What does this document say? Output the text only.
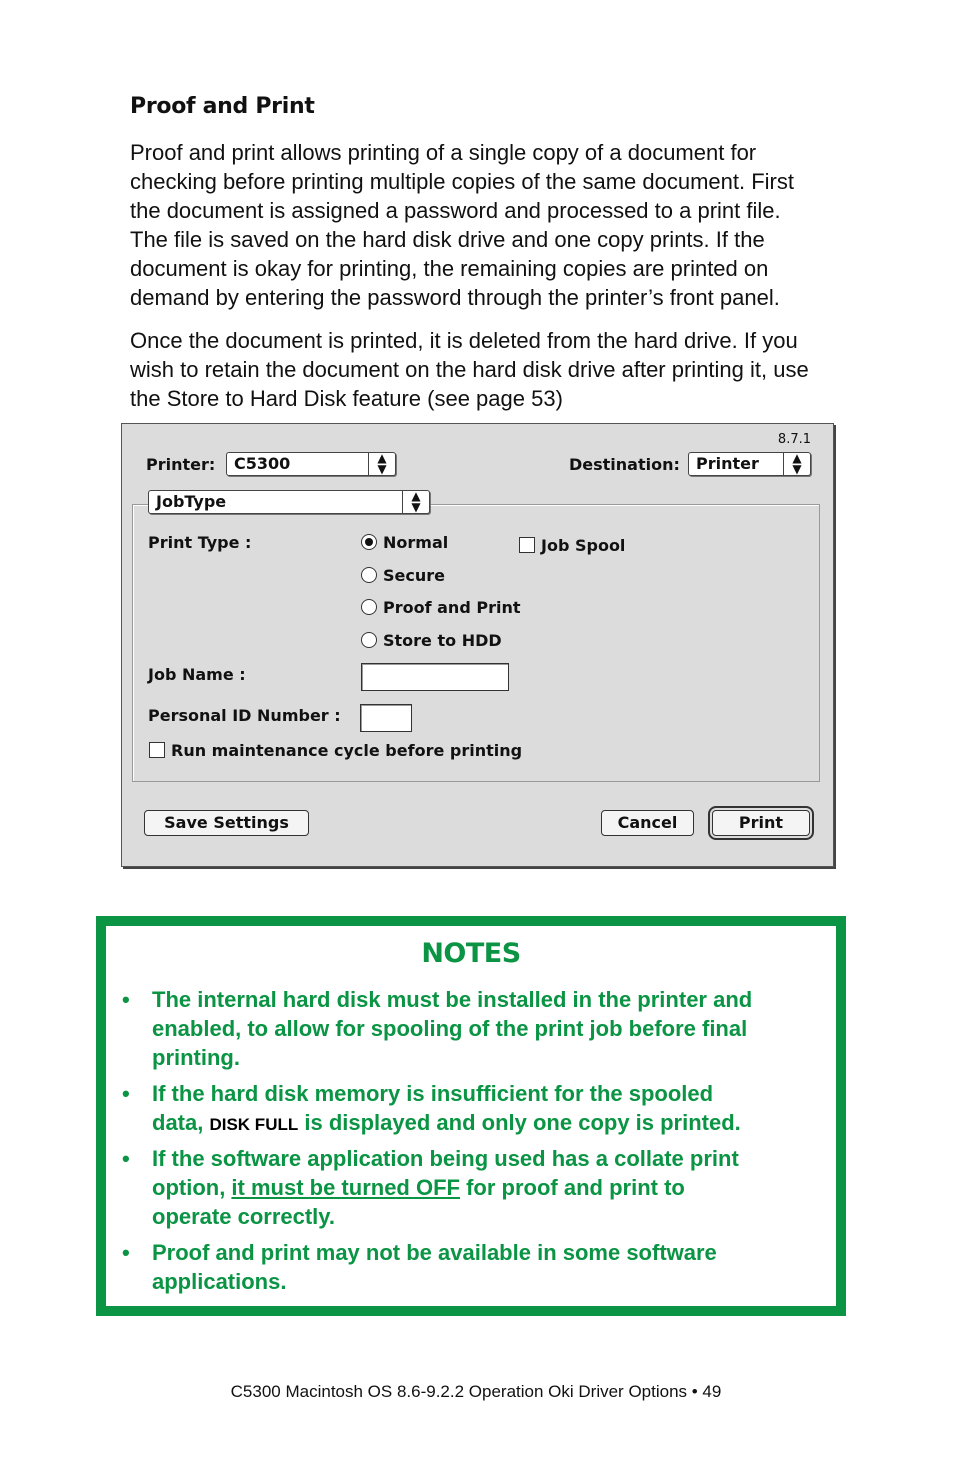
Proof and Print
Proof and print allows printing of a single copy of a document for
checking before printing multiple copies of the same document. First
the document is assigned a password and processed to a print file.
The file is saved on the hard disk drive and one copy prints. If the
document is okay for printing, the remaining copies are printed on
demand by entering the password through the printer’s front panel.
Once the document is printed, it is deleted from the hard drive. If you
wish to retain the document on the hard disk drive after printing it, use
the Store to Hard Disk feature (see page 53)
8.7.1
Printer:	C5300	▲
▼	Destination:	Printer	▲
▼
JobType	▲
▼
Print Type :	Normal
Secure
Proof and Print
Store to HDD
Job Spool
Job Name :
Personal ID Number :
Run maintenance cycle before printing
Save Settings	Cancel	Print
NOTES
• The internal hard disk must be installed in the printer and
enabled, to allow for spooling of the print job before final
printing.
• If the hard disk memory is insufficient for the spooled
data, DISK FULL is displayed and only one copy is printed.
• If the software application being used has a collate print
option, it must be turned OFF for proof and print to
operate correctly.
• Proof and print may not be available in some software
applications.
C5300 Macintosh OS 8.6-9.2.2 Operation Oki Driver Options • 49
